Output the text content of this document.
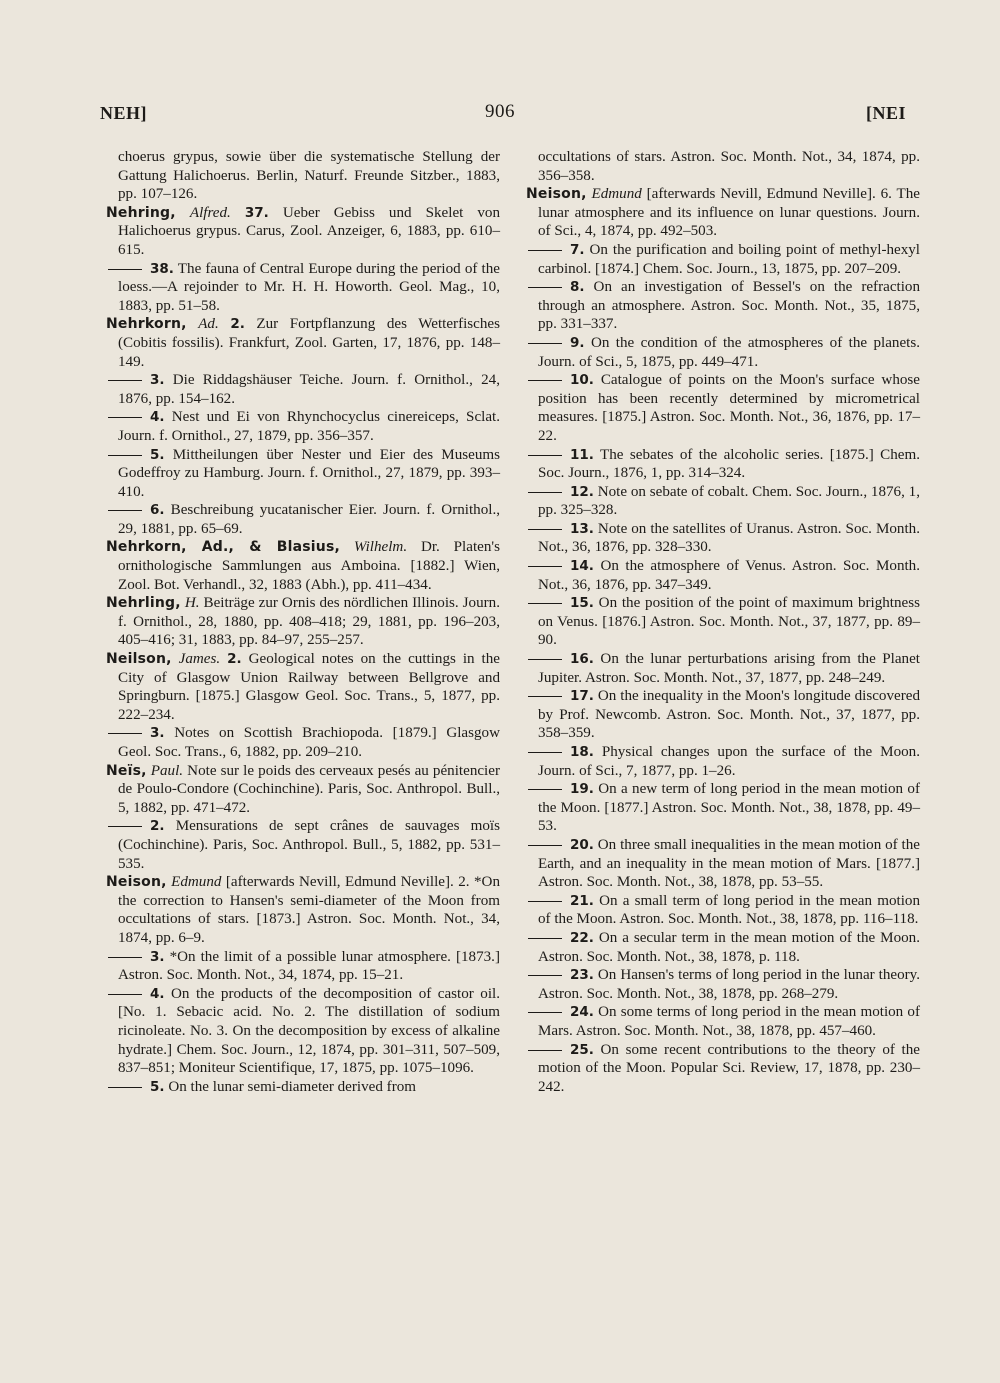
NEH]	906	[NEI

choerus grypus, sowie über die systematische Stellung der Gattung Halichoerus. Berlin, Naturf. Freunde Sitzber., 1883, pp. 107–126.

Nehring, Alfred. 37. Ueber Gebiss und Skelet von Halichoerus grypus. Carus, Zool. Anzeiger, 6, 1883, pp. 610–615.

38. The fauna of Central Europe during the period of the loess.—A rejoinder to Mr. H. H. Howorth. Geol. Mag., 10, 1883, pp. 51–58.

Nehrkorn, Ad. 2. Zur Fortpflanzung des Wetterfisches (Cobitis fossilis). Frankfurt, Zool. Garten, 17, 1876, pp. 148–149.

3. Die Riddagshäuser Teiche. Journ. f. Ornithol., 24, 1876, pp. 154–162.

4. Nest und Ei von Rhynchocyclus cinereiceps, Sclat. Journ. f. Ornithol., 27, 1879, pp. 356–357.

5. Mittheilungen über Nester und Eier des Museums Godeffroy zu Hamburg. Journ. f. Ornithol., 27, 1879, pp. 393–410.

6. Beschreibung yucatanischer Eier. Journ. f. Ornithol., 29, 1881, pp. 65–69.

Nehrkorn, Ad., & Blasius, Wilhelm. Dr. Platen's ornithologische Sammlungen aus Amboina. [1882.] Wien, Zool. Bot. Verhandl., 32, 1883 (Abh.), pp. 411–434.

Nehrling, H. Beiträge zur Ornis des nördlichen Illinois. Journ. f. Ornithol., 28, 1880, pp. 408–418; 29, 1881, pp. 196–203, 405–416; 31, 1883, pp. 84–97, 255–257.

Neilson, James. 2. Geological notes on the cuttings in the City of Glasgow Union Railway between Bellgrove and Springburn. [1875.] Glasgow Geol. Soc. Trans., 5, 1877, pp. 222–234.

3. Notes on Scottish Brachiopoda. [1879.] Glasgow Geol. Soc. Trans., 6, 1882, pp. 209–210.

Neïs, Paul. Note sur le poids des cerveaux pesés au pénitencier de Poulo-Condore (Cochinchine). Paris, Soc. Anthropol. Bull., 5, 1882, pp. 471–472.

2. Mensurations de sept crânes de sauvages moïs (Cochinchine). Paris, Soc. Anthropol. Bull., 5, 1882, pp. 531–535.

Neison, Edmund [afterwards Nevill, Edmund Neville]. 2. *On the correction to Hansen's semi-diameter of the Moon from occultations of stars. [1873.] Astron. Soc. Month. Not., 34, 1874, pp. 6–9.

3. *On the limit of a possible lunar atmosphere. [1873.] Astron. Soc. Month. Not., 34, 1874, pp. 15–21.

4. On the products of the decomposition of castor oil. [No. 1. Sebacic acid. No. 2. The distillation of sodium ricinoleate. No. 3. On the decomposition by excess of alkaline hydrate.] Chem. Soc. Journ., 12, 1874, pp. 301–311, 507–509, 837–851; Moniteur Scientifique, 17, 1875, pp. 1075–1096.

5. On the lunar semi-diameter derived from

occultations of stars. Astron. Soc. Month. Not., 34, 1874, pp. 356–358.

Neison, Edmund [afterwards Nevill, Edmund Neville]. 6. The lunar atmosphere and its influence on lunar questions. Journ. of Sci., 4, 1874, pp. 492–503.

7. On the purification and boiling point of methyl-hexyl carbinol. [1874.] Chem. Soc. Journ., 13, 1875, pp. 207–209.

8. On an investigation of Bessel's on the refraction through an atmosphere. Astron. Soc. Month. Not., 35, 1875, pp. 331–337.

9. On the condition of the atmospheres of the planets. Journ. of Sci., 5, 1875, pp. 449–471.

10. Catalogue of points on the Moon's surface whose position has been recently determined by micrometrical measures. [1875.] Astron. Soc. Month. Not., 36, 1876, pp. 17–22.

11. The sebates of the alcoholic series. [1875.] Chem. Soc. Journ., 1876, 1, pp. 314–324.

12. Note on sebate of cobalt. Chem. Soc. Journ., 1876, 1, pp. 325–328.

13. Note on the satellites of Uranus. Astron. Soc. Month. Not., 36, 1876, pp. 328–330.

14. On the atmosphere of Venus. Astron. Soc. Month. Not., 36, 1876, pp. 347–349.

15. On the position of the point of maximum brightness on Venus. [1876.] Astron. Soc. Month. Not., 37, 1877, pp. 89–90.

16. On the lunar perturbations arising from the Planet Jupiter. Astron. Soc. Month. Not., 37, 1877, pp. 248–249.

17. On the inequality in the Moon's longitude discovered by Prof. Newcomb. Astron. Soc. Month. Not., 37, 1877, pp. 358–359.

18. Physical changes upon the surface of the Moon. Journ. of Sci., 7, 1877, pp. 1–26.

19. On a new term of long period in the mean motion of the Moon. [1877.] Astron. Soc. Month. Not., 38, 1878, pp. 49–53.

20. On three small inequalities in the mean motion of the Earth, and an inequality in the mean motion of Mars. [1877.] Astron. Soc. Month. Not., 38, 1878, pp. 53–55.

21. On a small term of long period in the mean motion of the Moon. Astron. Soc. Month. Not., 38, 1878, pp. 116–118.

22. On a secular term in the mean motion of the Moon. Astron. Soc. Month. Not., 38, 1878, p. 118.

23. On Hansen's terms of long period in the lunar theory. Astron. Soc. Month. Not., 38, 1878, pp. 268–279.

24. On some terms of long period in the mean motion of Mars. Astron. Soc. Month. Not., 38, 1878, pp. 457–460.

25. On some recent contributions to the theory of the motion of the Moon. Popular Sci. Review, 17, 1878, pp. 230–242.
